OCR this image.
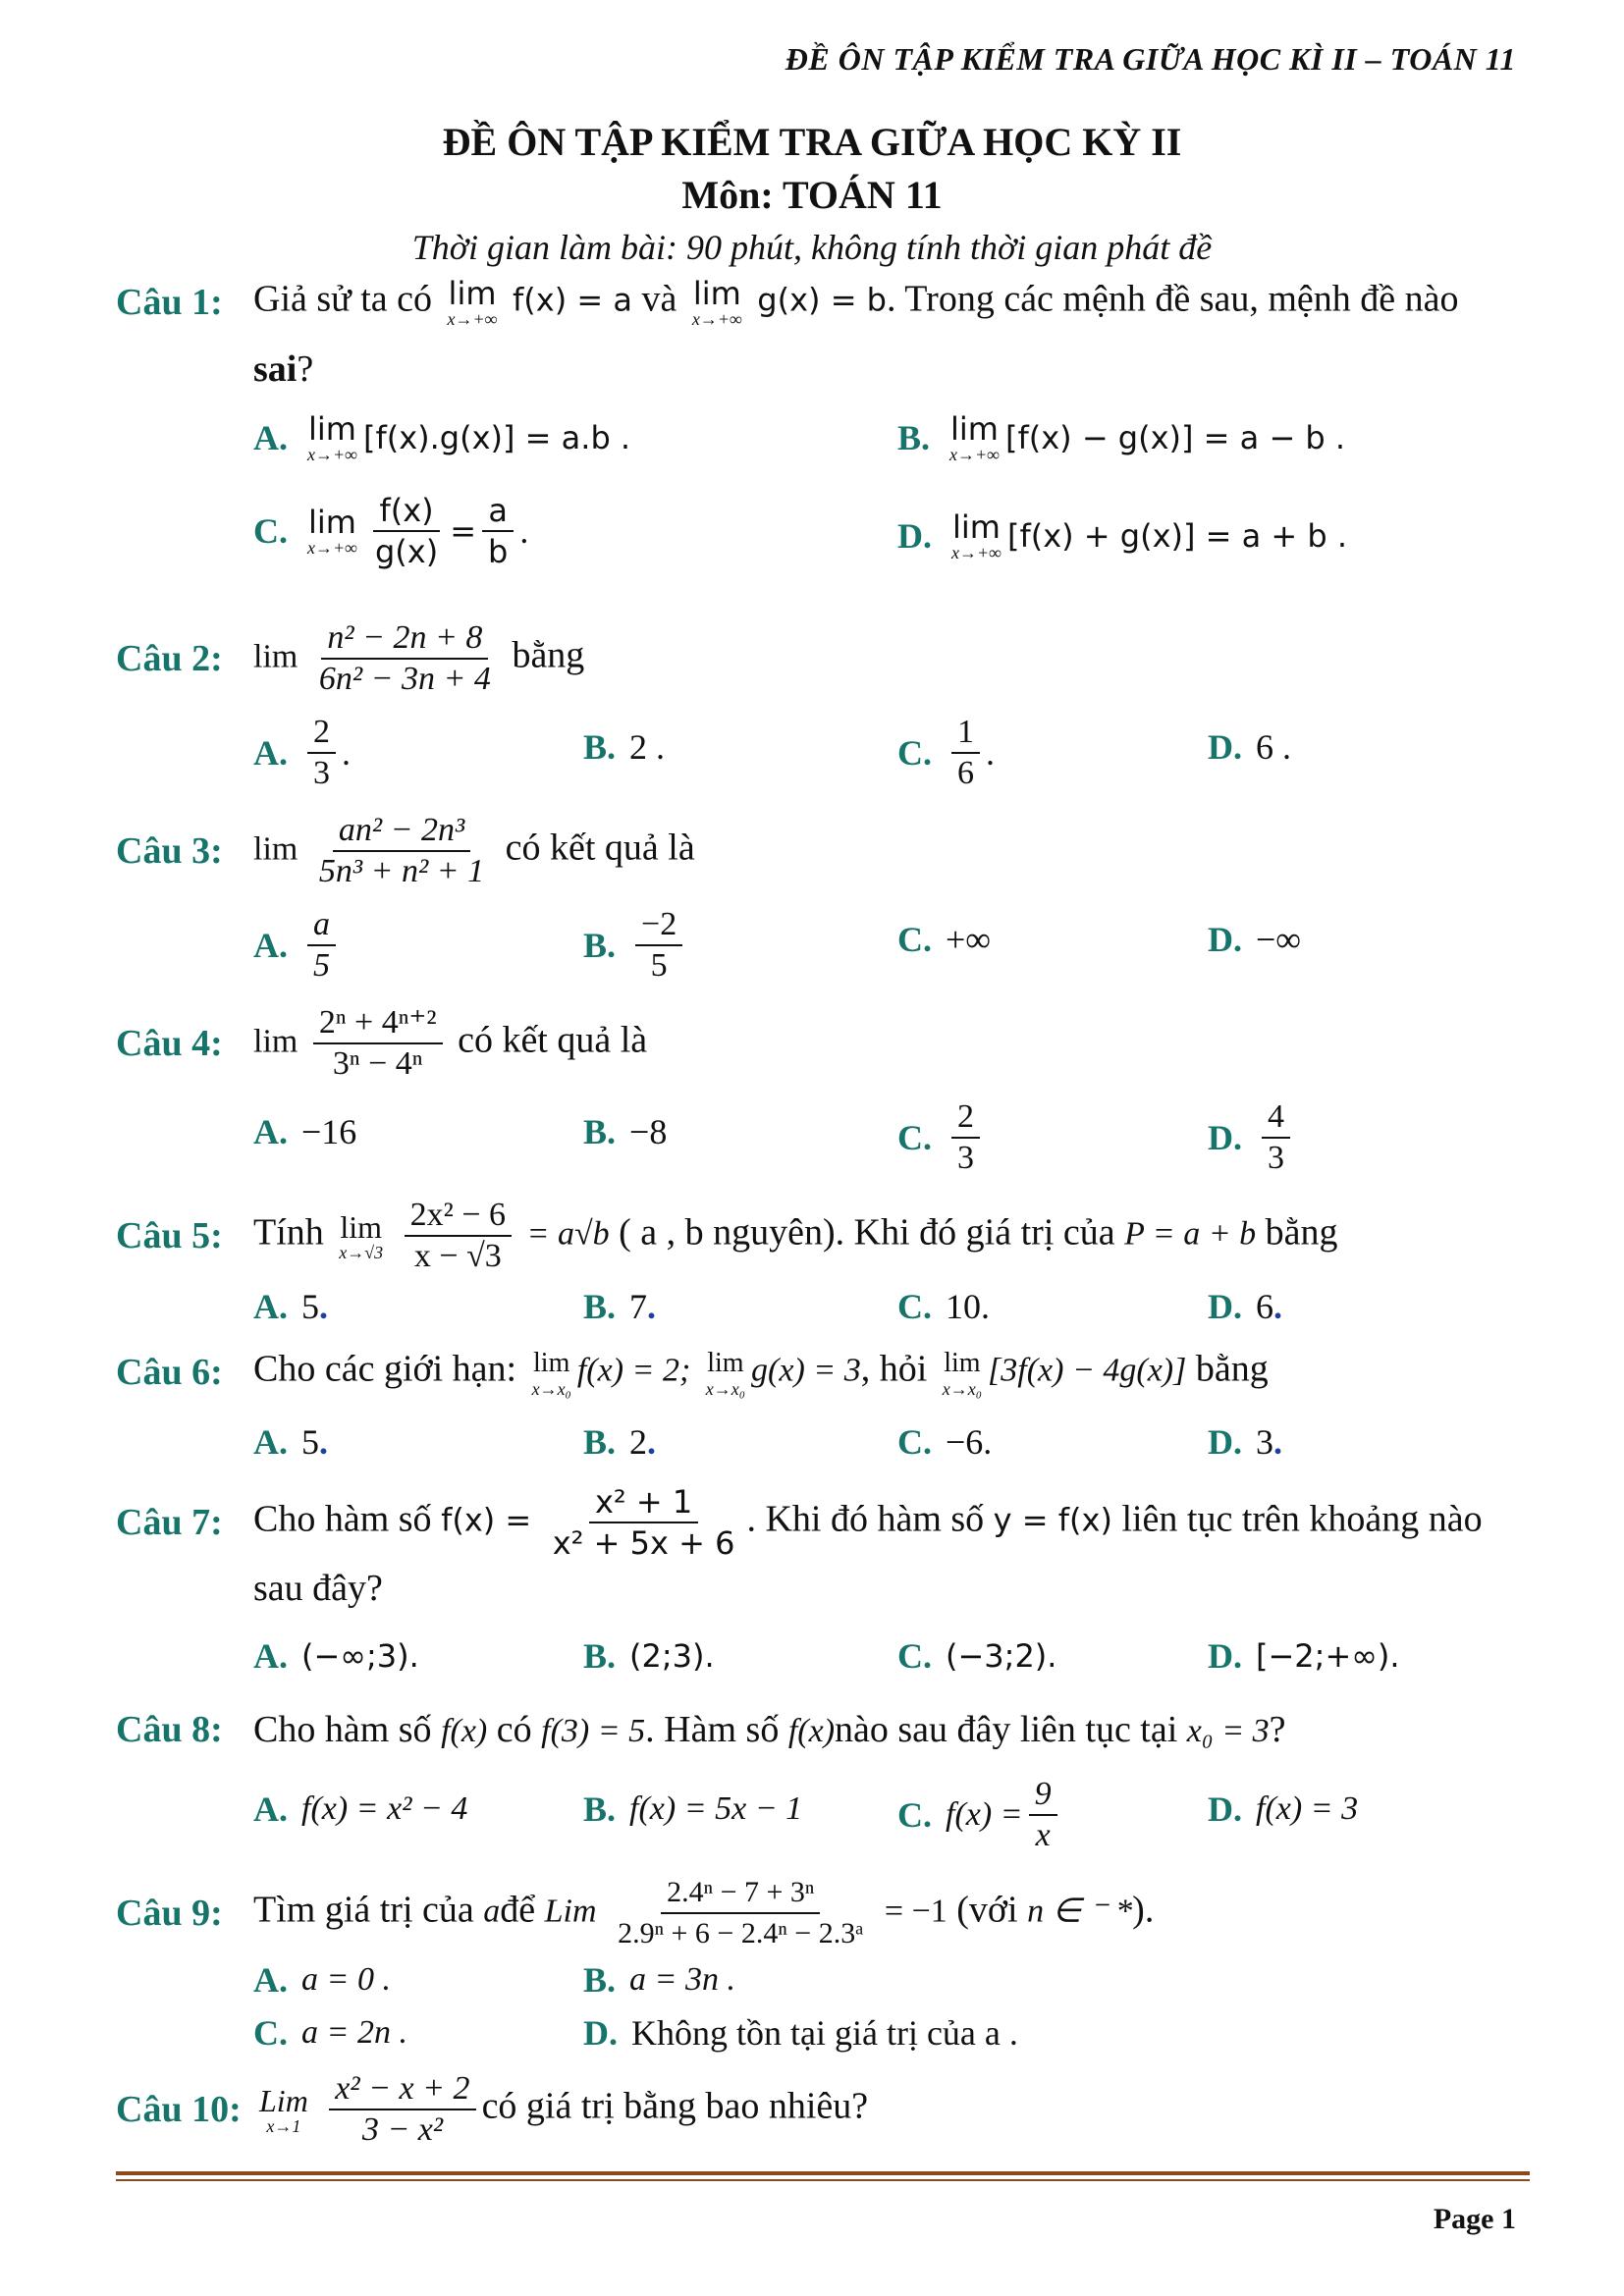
ĐỀ ÔN TẬP KIỂM TRA GIỮA HỌC KÌ II – TOÁN 11
ĐỀ ÔN TẬP KIỂM TRA GIỮA HỌC KỲ II
Môn: TOÁN 11
Thời gian làm bài: 90 phút, không tính thời gian phát đề
Câu 1: Giả sử ta có lim
x→+∞
f(x) = a và lim
x→+∞
g(x) = b. Trong các mệnh đề sau, mệnh đề nào
sai?
A. lim
x→+∞ [f(x).g(x)] = a.b .	B. lim
x→+∞ [f(x) − g(x)] = a − b .
C. lim
$x\to+\infty \frac{f(x)}{g(x)} = \frac{a}{b}$ .	D. lim
x→+∞ [f(x) + g(x)] = a + b .
Câu 2: $\lim \frac{\text{n² − 2n + 8}}{\text{6n² − 3n + 4}}$ bằng
A. $\frac{2}{3}$ .	B. 2 .	C. $\frac{1}{6}$ .	D. 6 .
Câu 3: $\lim \frac{\text{an² − 2n³}}{\text{5n³ + n² + 1}}$ có kết quả là
A. $\frac{a}{5}$	B. $\frac{-2}{5}$	C. +∞	D. −∞
Câu 4: $\lim \frac{\text{2ⁿ + 4ⁿ⁺²}}{\text{3ⁿ − 4ⁿ}}$ có kết quả là
A. −16	B. −8	C. $\frac{2}{3}$	D. $\frac{4}{3}$
Câu 5: Tính lim
x→√3
$\frac{\text{2x² − 6}}{x - √3} = a√b$ ( a , b nguyên). Khi đó giá trị của P = a + b bằng
A. 5 .	B. 7 .	C. 10.	D. 6 .
Câu 6: Cho các giới hạn: lim
x→x₀
f(x) = 2; lim
x→x₀
g(x) = 3, hỏi lim
x→x₀
[3f(x) − 4g(x)] bằng
A. 5 .	B. 2 .	C. −6.	D. 3 .
Câu 7: Cho hàm số $f(x) = \frac{\text{x² + 1}}{\text{x² + 5x + 6}}$ . Khi đó hàm số y = f(x) liên tục trên khoảng nào
sau đây?
A. (−∞;3).	B. (2;3).	C. (−3;2).	D. [−2;+∞).
Câu 8: Cho hàm số f(x) có f(3) = 5. Hàm số f(x)nào sau đây liên tục tại x₀ = 3?
A. f(x) = x² − 4	B. f(x) = 5x − 1	C. $f(x) = \frac{9}{x}$	D. f(x) = 3
Câu 9: Tìm giá trị của ađể Lim $\frac{\text{2.4ⁿ − 7 + 3ⁿ}}{\text{2.9ⁿ + 6 − 2.4ⁿ − 2.3ᵃ}} = -1$ (với n ∈ ⁻ *).
A. a = 0 .	B. a = 3n .
C. a = 2n .	D. Không tồn tại giá trị của a .
Câu 10: Lim
x→1
$\frac{\text{x² − x + 2}}{\text{3 − x²}}$ có giá trị bằng bao nhiêu?
Page 1
